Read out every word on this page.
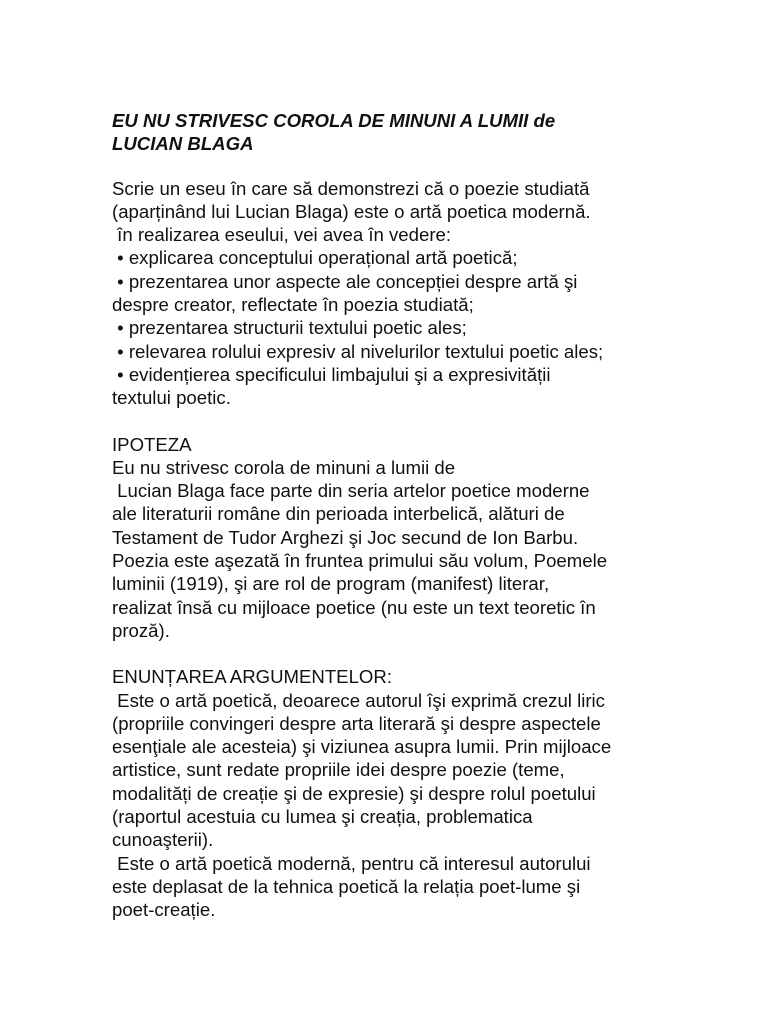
EU NU STRIVESC COROLA DE MINUNI A LUMII de
LUCIAN BLAGA
Scrie un eseu în care să demonstrezi că o poezie studiată
(aparținând lui Lucian Blaga) este o artă poetica modernă.
în realizarea eseului, vei avea în vedere:
• explicarea conceptului operațional artă poetică;
• prezentarea unor aspecte ale concepției despre artă şi
despre creator, reflectate în poezia studiată;
• prezentarea structurii textului poetic ales;
• relevarea rolului expresiv al nivelurilor textului poetic ales;
• evidențierea specificului limbajului şi a expresivității
textului poetic.
IPOTEZA
Eu nu strivesc corola de minuni a lumii de
Lucian Blaga face parte din seria artelor poetice moderne
ale literaturii române din perioada interbelică, alături de
Testament de Tudor Arghezi şi Joc secund de Ion Barbu.
Poezia este aşezată în fruntea primului său volum, Poemele
luminii (1919), şi are rol de program (manifest) literar,
realizat însă cu mijloace poetice (nu este un text teoretic în
proză).
ENUNȚAREA ARGUMENTELOR:
Este o artă poetică, deoarece autorul îşi exprimă crezul liric
(propriile convingeri despre arta literară şi despre aspectele
esenţiale ale acesteia) şi viziunea asupra lumii. Prin mijloace
artistice, sunt redate propriile idei despre poezie (teme,
modalități de creație şi de expresie) şi despre rolul poetului
(raportul acestuia cu lumea şi creația, problematica
cunoaşterii).
Este o artă poetică modernă, pentru că interesul autorului
este deplasat de la tehnica poetică la relația poet-lume şi
poet-creație.
